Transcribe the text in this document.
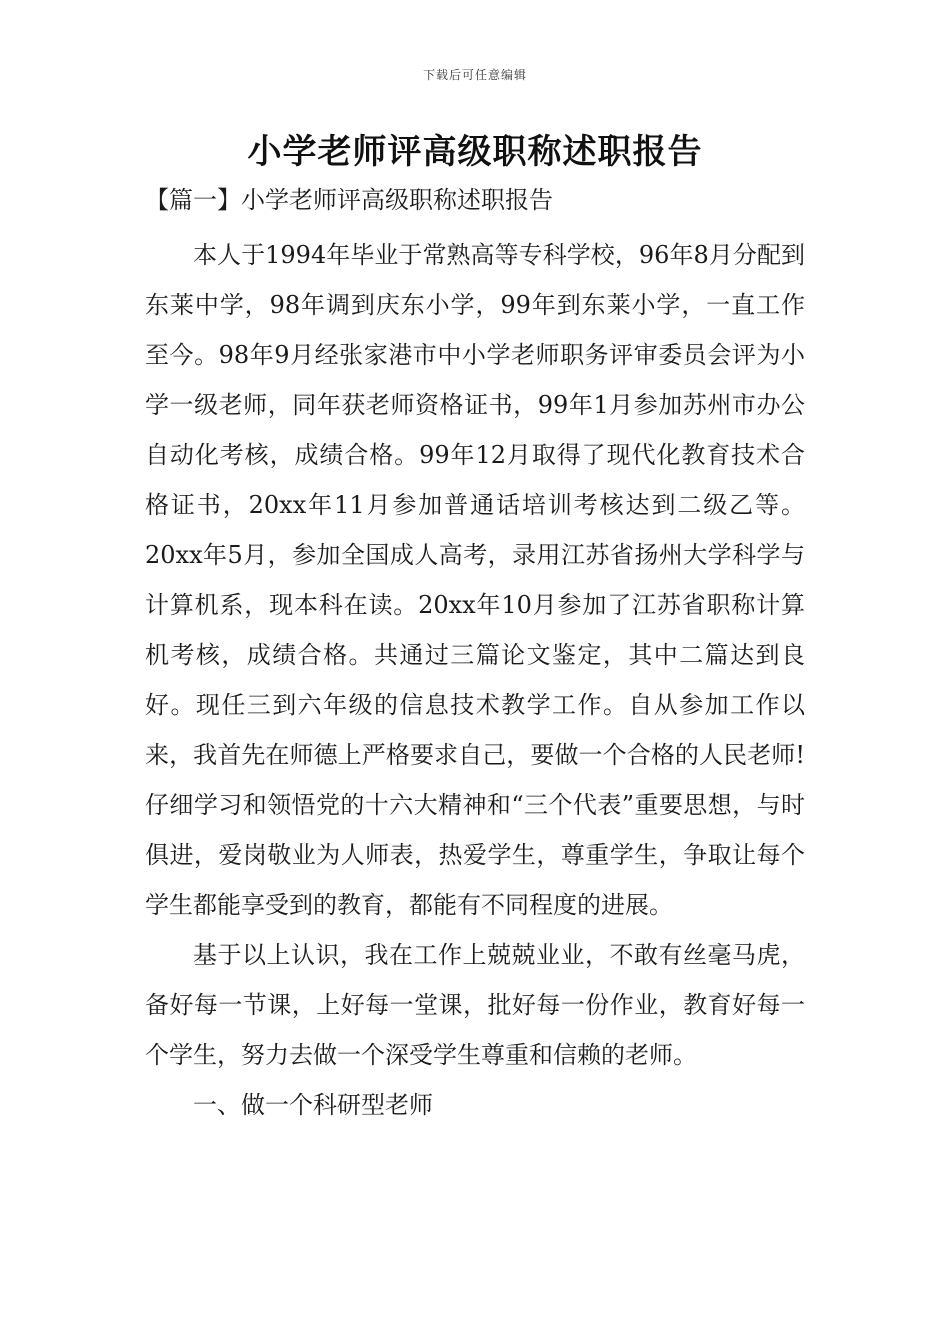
下载后可任意编辑
小学老师评高级职称述职报告
【篇一】小学老师评高级职称述职报告

本人于1994年毕业于常熟高等专科学校，96年8月分配到东莱中学，98年调到庆东小学，99年到东莱小学，一直工作至今。98年9月经张家港市中小学老师职务评审委员会评为小学一级老师，同年获老师资格证书，99年1月参加苏州市办公自动化考核，成绩合格。99年12月取得了现代化教育技术合格证书，20xx年11月参加普通话培训考核达到二级乙等。20xx年5月，参加全国成人高考，录用江苏省扬州大学科学与计算机系，现本科在读。20xx年10月参加了江苏省职称计算机考核，成绩合格。共通过三篇论文鉴定，其中二篇达到良好。现任三到六年级的信息技术教学工作。自从参加工作以来，我首先在师德上严格要求自己，要做一个合格的人民老师!仔细学习和领悟党的十六大精神和“三个代表”重要思想，与时俱进，爱岗敬业为人师表，热爱学生，尊重学生，争取让每个学生都能享受到的教育，都能有不同程度的进展。

基于以上认识，我在工作上兢兢业业，不敢有丝毫马虎，备好每一节课，上好每一堂课，批好每一份作业，教育好每一个学生，努力去做一个深受学生尊重和信赖的老师。

一、做一个科研型老师
